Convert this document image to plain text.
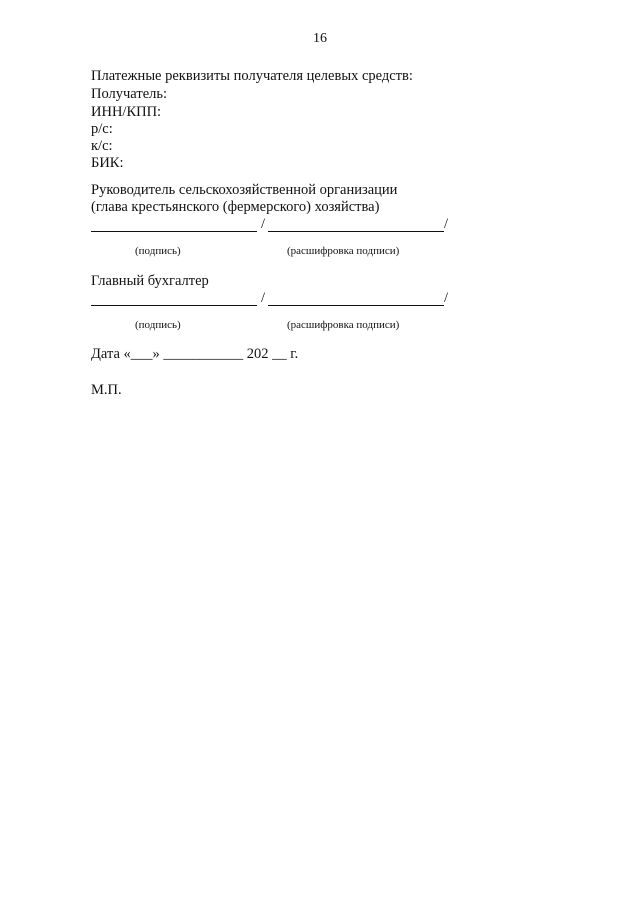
16
Платежные реквизиты получателя целевых средств:
Получатель:
ИНН/КПП:
р/с:
к/с:
БИК:
Руководитель сельскохозяйственной организации
(глава крестьянского (фермерского) хозяйства)
/	/
(подпись)	(расшифровка подписи)
Главный бухгалтер
/	/
(подпись)	(расшифровка подписи)
Дата «___» ___________ 202 __ г.
М.П.
